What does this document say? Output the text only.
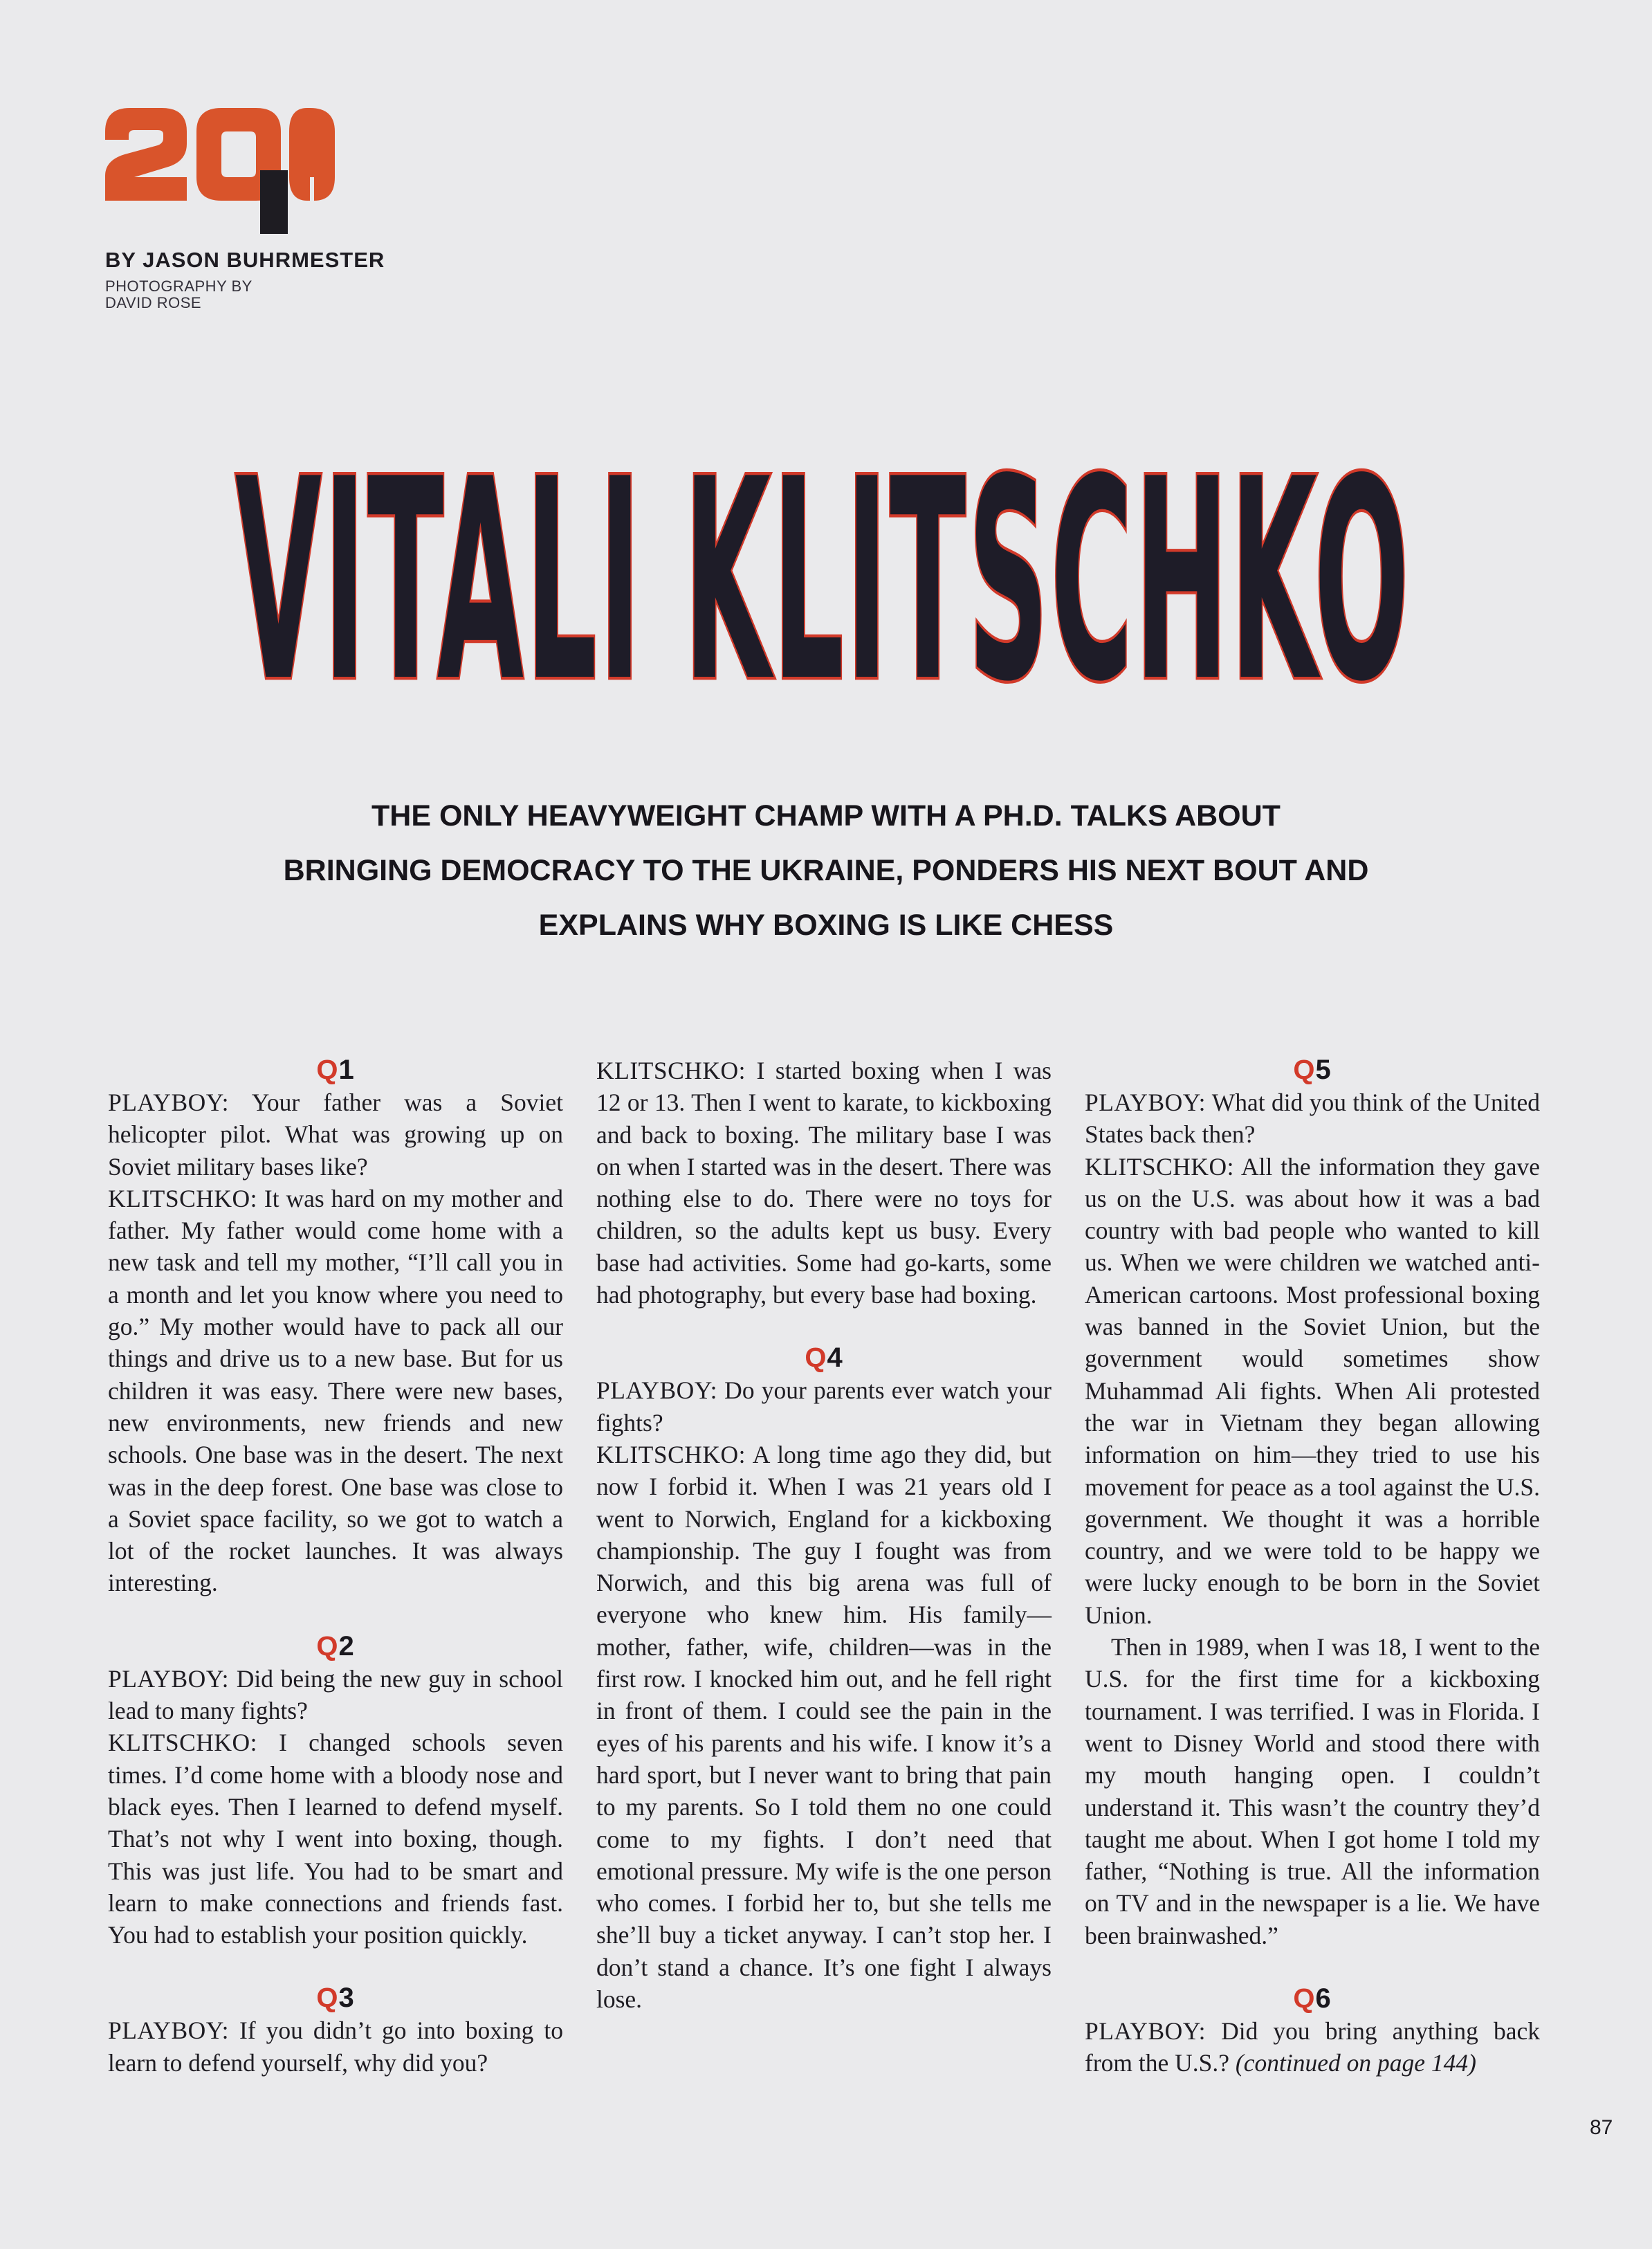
BY JASON BUHRMESTER
PHOTOGRAPHY BY
DAVID ROSE
VITALI KLITSCHKO
THE ONLY HEAVYWEIGHT CHAMP WITH A PH.D. TALKS ABOUT
BRINGING DEMOCRACY TO THE UKRAINE, PONDERS HIS NEXT BOUT AND
EXPLAINS WHY BOXING IS LIKE CHESS
Q1

PLAYBOY: Your father was a Soviet helicopter pilot. What was growing up on Soviet military bases like?

KLITSCHKO: It was hard on my mother and father. My father would come home with a new task and tell my mother, “I’ll call you in a month and let you know where you need to go.” My mother would have to pack all our things and drive us to a new base. But for us children it was easy. There were new bases, new environments, new friends and new schools. One base was in the desert. The next was in the deep forest. One base was close to a Soviet space facility, so we got to watch a lot of the rocket launches. It was always interesting.

Q2

PLAYBOY: Did being the new guy in school lead to many fights?

KLITSCHKO: I changed schools seven times. I’d come home with a bloody nose and black eyes. Then I learned to defend myself. That’s not why I went into boxing, though. This was just life. You had to be smart and learn to make connections and friends fast. You had to establish your position quickly.

Q3

PLAYBOY: If you didn’t go into boxing to learn to defend yourself, why did you?

KLITSCHKO: I started boxing when I was 12 or 13. Then I went to karate, to kickboxing and back to boxing. The military base I was on when I started was in the desert. There was nothing else to do. There were no toys for children, so the adults kept us busy. Every base had activities. Some had go-karts, some had photography, but every base had boxing.

Q4

PLAYBOY: Do your parents ever watch your fights?

KLITSCHKO: A long time ago they did, but now I forbid it. When I was 21 years old I went to Norwich, England for a kickboxing championship. The guy I fought was from Norwich, and this big arena was full of everyone who knew him. His family—mother, father, wife, children—was in the first row. I knocked him out, and he fell right in front of them. I could see the pain in the eyes of his parents and his wife. I know it’s a hard sport, but I never want to bring that pain to my parents. So I told them no one could come to my fights. I don’t need that emotional pressure. My wife is the one person who comes. I forbid her to, but she tells me she’ll buy a ticket anyway. I can’t stop her. I don’t stand a chance. It’s one fight I always lose.

Q5

PLAYBOY: What did you think of the United States back then?

KLITSCHKO: All the information they gave us on the U.S. was about how it was a bad country with bad people who wanted to kill us. When we were children we watched anti-American cartoons. Most professional boxing was banned in the Soviet Union, but the government would sometimes show Muhammad Ali fights. When Ali protested the war in Vietnam they began allowing information on him—they tried to use his movement for peace as a tool against the U.S. government. We thought it was a horrible country, and we were told to be happy we were lucky enough to be born in the Soviet Union.

Then in 1989, when I was 18, I went to the U.S. for the first time for a kickboxing tournament. I was terrified. I was in Florida. I went to Disney World and stood there with my mouth hanging open. I couldn’t understand it. This wasn’t the country they’d taught me about. When I got home I told my father, “Nothing is true. All the information on TV and in the newspaper is a lie. We have been brainwashed.”

Q6

PLAYBOY: Did you bring anything back from the U.S.? (continued on page 144)

87
